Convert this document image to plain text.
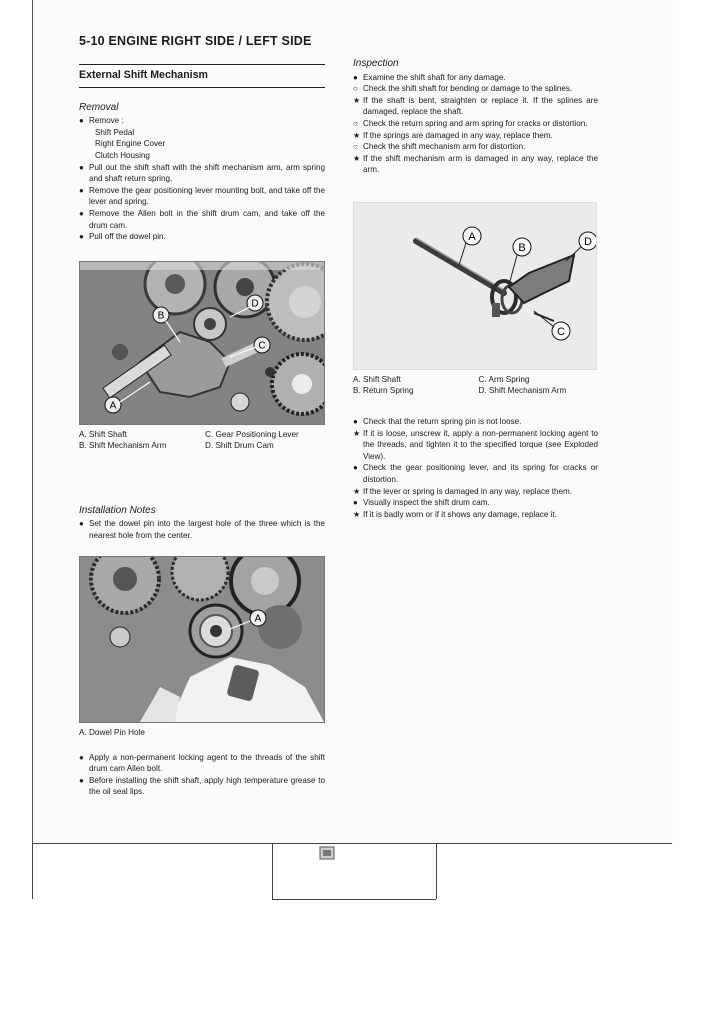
5-10 ENGINE RIGHT SIDE / LEFT SIDE
External Shift Mechanism
Removal
● Remove :
Shift Pedal
Right Engine Cover
Clutch Housing
● Pull out the shift shaft with the shift mechanism arm, arm spring and shaft return spring.
● Remove the gear positioning lever mounting bolt, and take off the lever and spring.
● Remove the Allen bolt in the shift drum cam, and take off the drum cam.
● Pull off the dowel pin.
A
B
C
D
A. Shift Shaft	C. Gear Positioning Lever
B. Shift Mechanism Arm	D. Shift Drum Cam
Installation Notes
● Set the dowel pin into the largest hole of the three which is the nearest hole from the center.
A
A. Dowel Pin Hole
● Apply a non-permanent locking agent to the threads of the shift drum cam Allen bolt.
● Before installing the shift shaft, apply high temperature grease to the oil seal lips.
Inspection
● Examine the shift shaft for any damage.
○ Check the shift shaft for bending or damage to the splines.
★ If the shaft is bent, straighten or replace it. If the splines are damaged, replace the shaft.
○ Check the return spring and arm spring for cracks or distortion.
★ If the springs are damaged in any way, replace them.
○ Check the shift mechanism arm for distortion.
★ If the shift mechanism arm is damaged in any way, replace the arm.
A
B
C
D
A. Shift Shaft	C. Arm Spring
B. Return Spring	D. Shift Mechanism Arm
● Check that the return spring pin is not loose.
★ If it is loose, unscrew it, apply a non-permanent locking agent to the threads, and tighten it to the specified torque (see Exploded View).
● Check the gear positioning lever, and its spring for cracks or distortion.
★ If the lever or spring is damaged in any way, replace them.
● Visually inspect the shift drum cam.
★ If it is badly worn or if it shows any damage, replace it.
